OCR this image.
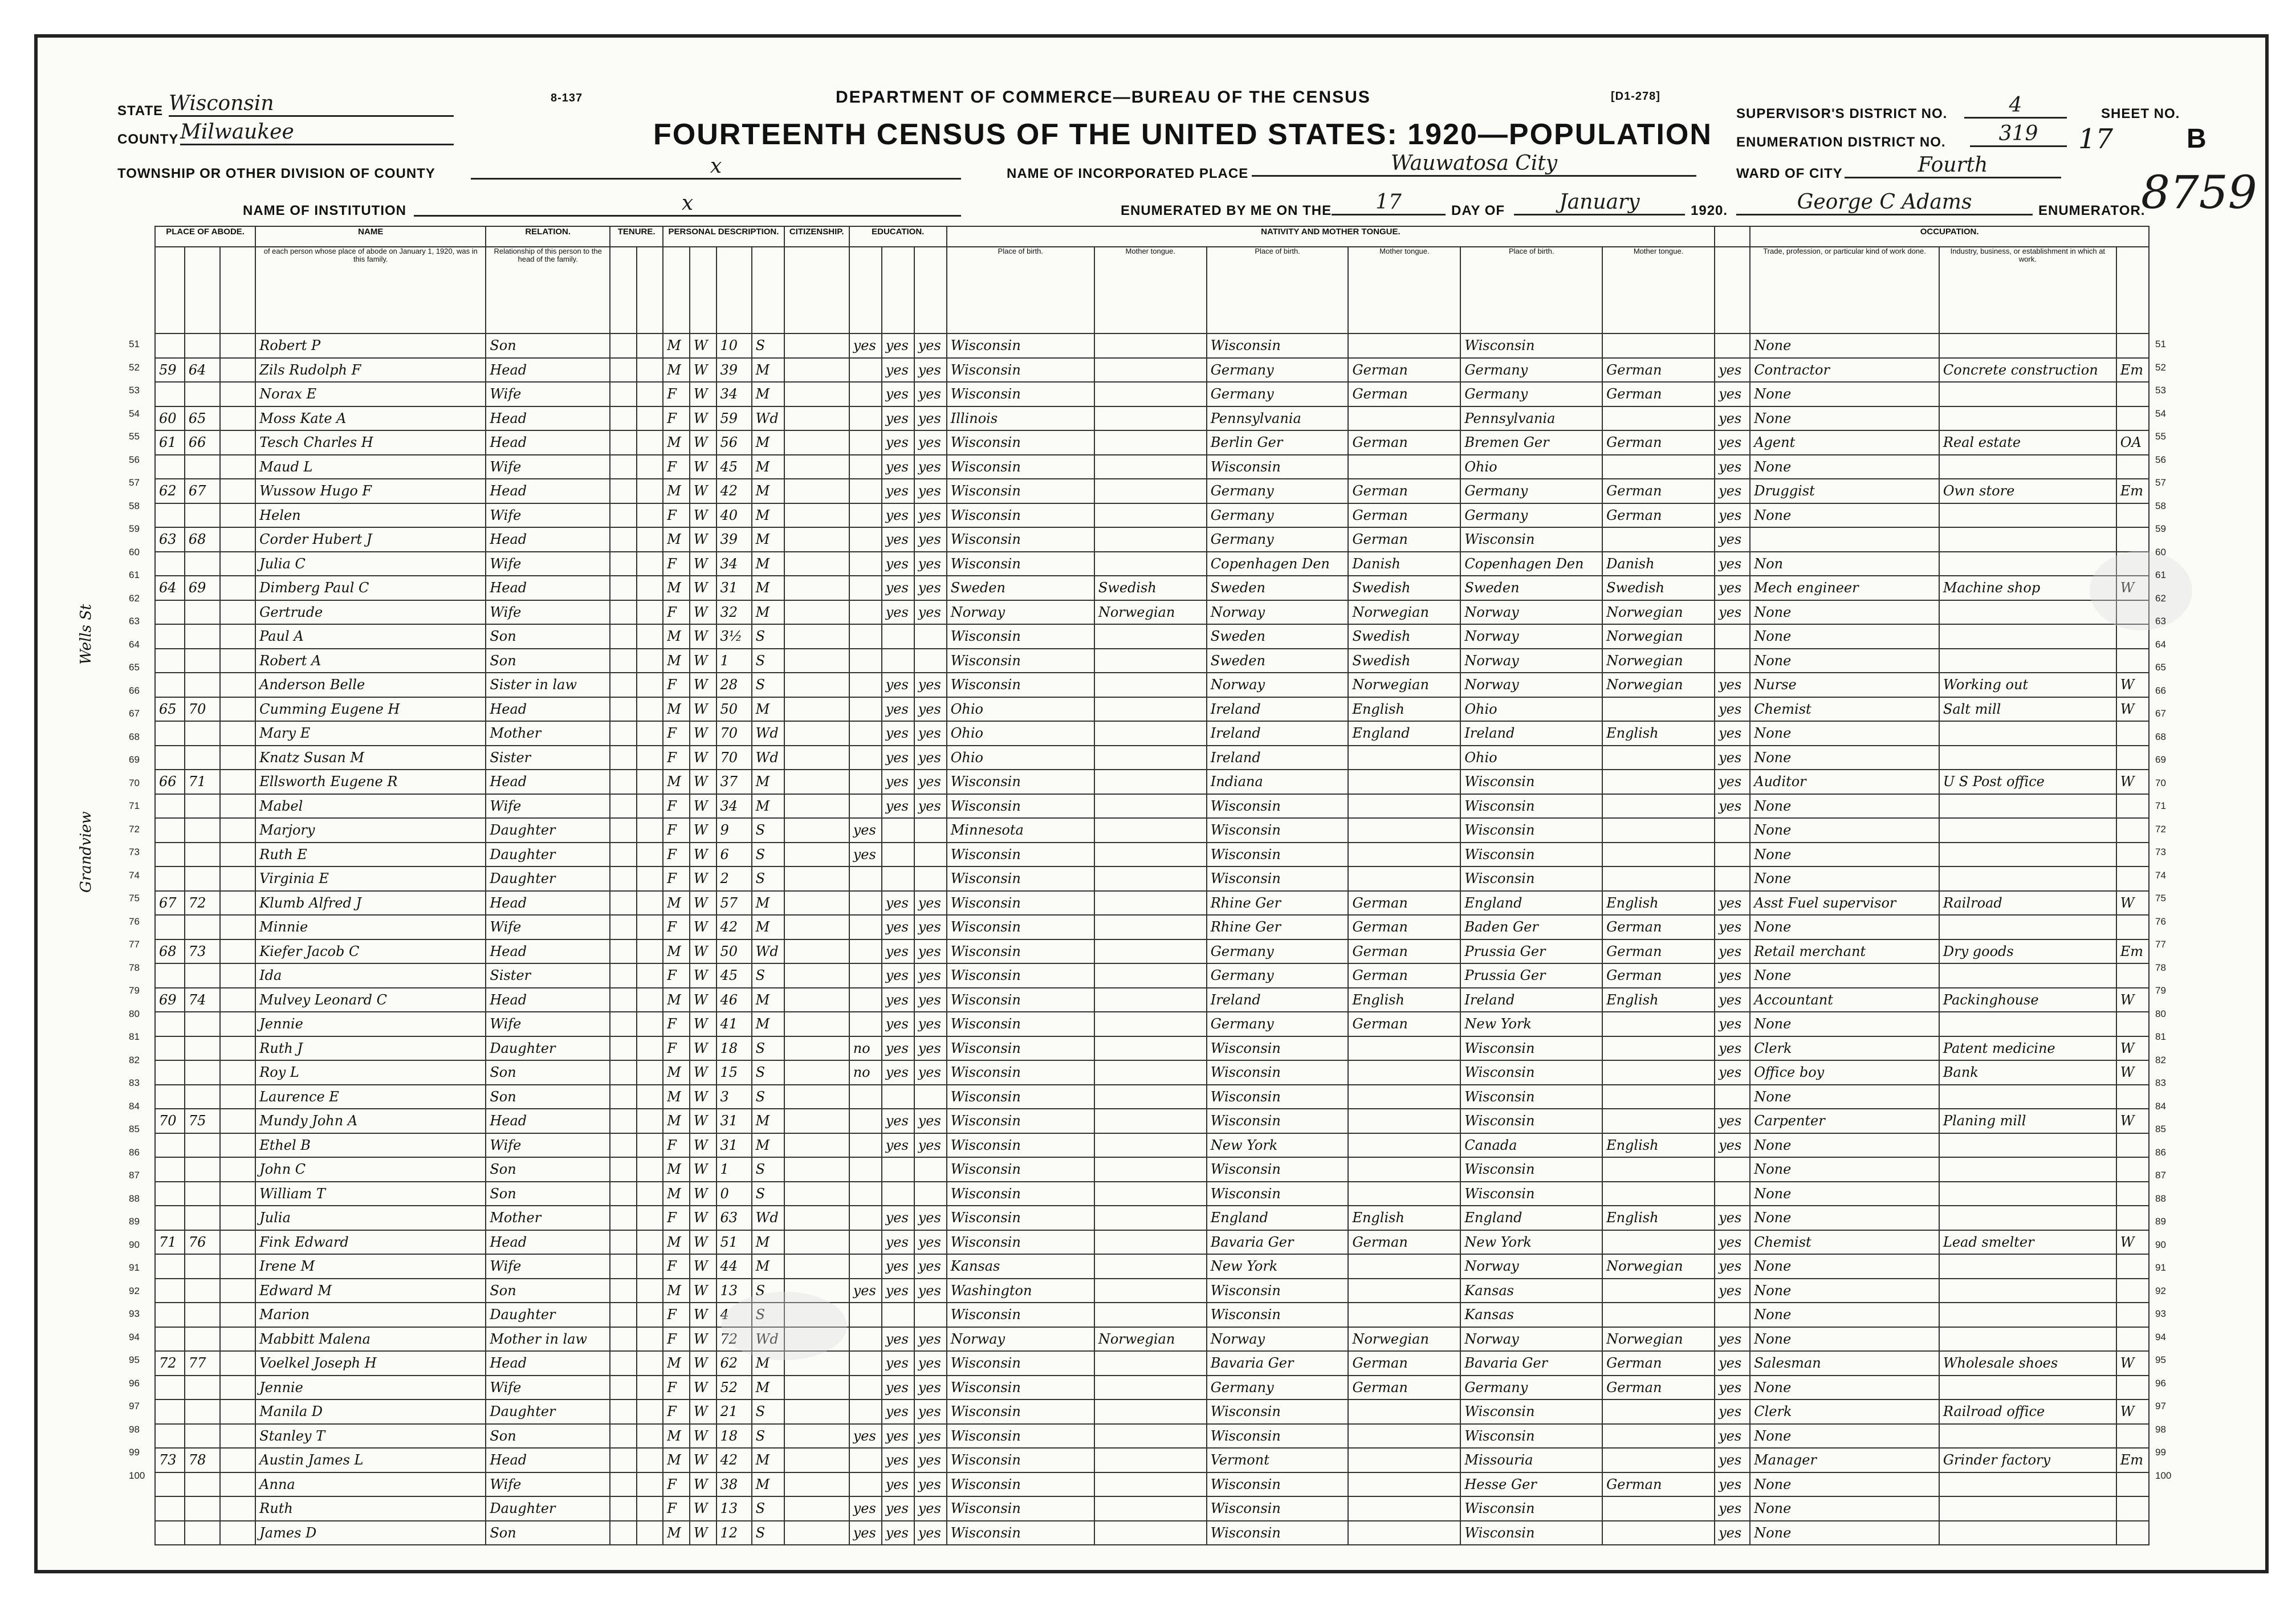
STATE Wisconsin
COUNTY Milwaukee
TOWNSHIP OR OTHER DIVISION OF COUNTY	x
NAME OF INSTITUTION	x
8-137	DEPARTMENT OF COMMERCE—BUREAU OF THE CENSUS	[D1-278]
FOURTEENTH CENSUS OF THE UNITED STATES: 1920—POPULATION
NAME OF INCORPORATED PLACE	Wauwatosa City
ENUMERATED BY ME ON THE	17	DAY OF	January	1920.	George C Adams	ENUMERATOR.
SUPERVISOR'S DISTRICT NO.	4
ENUMERATION DISTRICT NO.	319
WARD OF CITY	Fourth
SHEET NO.
17	B
8759
Wells St
Grandview
PLACE OF ABODE.			NAME	RELATION.	TENURE.		PERSONAL DESCRIPTION.				CITIZENSHIP.	EDUCATION.			NATIVITY AND MOTHER TONGUE.							OCCUPATION.		
			of each person whose place of abode on January 1, 1920, was in this family.	Relationship of this person to the head of the family.											Place of birth.	Mother tongue.	Place of birth.	Mother tongue.	Place of birth.	Mother tongue.		Trade, profession, or particular kind of work done.	Industry, business, or establishment in which at work.	
			Robert P	Son			M	W	10	S		yes	yes	yes	Wisconsin		Wisconsin		Wisconsin			None		
59	64		Zils Rudolph F	Head			M	W	39	M			yes	yes	Wisconsin		Germany	German	Germany	German	yes	Contractor	Concrete construction	Em
			Norax E	Wife			F	W	34	M			yes	yes	Wisconsin		Germany	German	Germany	German	yes	None		
60	65		Moss Kate A	Head			F	W	59	Wd			yes	yes	Illinois		Pennsylvania		Pennsylvania		yes	None		
61	66		Tesch Charles H	Head			M	W	56	M			yes	yes	Wisconsin		Berlin Ger	German	Bremen Ger	German	yes	Agent	Real estate	OA
			Maud L	Wife			F	W	45	M			yes	yes	Wisconsin		Wisconsin		Ohio		yes	None		
62	67		Wussow Hugo F	Head			M	W	42	M			yes	yes	Wisconsin		Germany	German	Germany	German	yes	Druggist	Own store	Em
			Helen	Wife			F	W	40	M			yes	yes	Wisconsin		Germany	German	Germany	German	yes	None		
63	68		Corder Hubert J	Head			M	W	39	M			yes	yes	Wisconsin		Germany	German	Wisconsin		yes			
			Julia C	Wife			F	W	34	M			yes	yes	Wisconsin		Copenhagen Den	Danish	Copenhagen Den	Danish	yes	Non		
64	69		Dimberg Paul C	Head			M	W	31	M			yes	yes	Sweden	Swedish	Sweden	Swedish	Sweden	Swedish	yes	Mech engineer	Machine shop	W
			Gertrude	Wife			F	W	32	M			yes	yes	Norway	Norwegian	Norway	Norwegian	Norway	Norwegian	yes	None		
			Paul A	Son			M	W	3½	S					Wisconsin		Sweden	Swedish	Norway	Norwegian		None		
			Robert A	Son			M	W	1	S					Wisconsin		Sweden	Swedish	Norway	Norwegian		None		
			Anderson Belle	Sister in law			F	W	28	S			yes	yes	Wisconsin		Norway	Norwegian	Norway	Norwegian	yes	Nurse	Working out	W
65	70		Cumming Eugene H	Head			M	W	50	M			yes	yes	Ohio		Ireland	English	Ohio		yes	Chemist	Salt mill	W
			Mary E	Mother			F	W	70	Wd			yes	yes	Ohio		Ireland	England	Ireland	English	yes	None		
			Knatz Susan M	Sister			F	W	70	Wd			yes	yes	Ohio		Ireland		Ohio		yes	None		
66	71		Ellsworth Eugene R	Head			M	W	37	M			yes	yes	Wisconsin		Indiana		Wisconsin		yes	Auditor	U S Post office	W
			Mabel	Wife			F	W	34	M			yes	yes	Wisconsin		Wisconsin		Wisconsin		yes	None		
			Marjory	Daughter			F	W	9	S		yes			Minnesota		Wisconsin		Wisconsin			None		
			Ruth E	Daughter			F	W	6	S		yes			Wisconsin		Wisconsin		Wisconsin			None		
			Virginia E	Daughter			F	W	2	S					Wisconsin		Wisconsin		Wisconsin			None		
67	72		Klumb Alfred J	Head			M	W	57	M			yes	yes	Wisconsin		Rhine Ger	German	England	English	yes	Asst Fuel supervisor	Railroad	W
			Minnie	Wife			F	W	42	M			yes	yes	Wisconsin		Rhine Ger	German	Baden Ger	German	yes	None		
68	73		Kiefer Jacob C	Head			M	W	50	Wd			yes	yes	Wisconsin		Germany	German	Prussia Ger	German	yes	Retail merchant	Dry goods	Em
			Ida	Sister			F	W	45	S			yes	yes	Wisconsin		Germany	German	Prussia Ger	German	yes	None		
69	74		Mulvey Leonard C	Head			M	W	46	M			yes	yes	Wisconsin		Ireland	English	Ireland	English	yes	Accountant	Packinghouse	W
			Jennie	Wife			F	W	41	M			yes	yes	Wisconsin		Germany	German	New York		yes	None		
			Ruth J	Daughter			F	W	18	S		no	yes	yes	Wisconsin		Wisconsin		Wisconsin		yes	Clerk	Patent medicine	W
			Roy L	Son			M	W	15	S		no	yes	yes	Wisconsin		Wisconsin		Wisconsin		yes	Office boy	Bank	W
			Laurence E	Son			M	W	3	S					Wisconsin		Wisconsin		Wisconsin			None		
70	75		Mundy John A	Head			M	W	31	M			yes	yes	Wisconsin		Wisconsin		Wisconsin		yes	Carpenter	Planing mill	W
			Ethel B	Wife			F	W	31	M			yes	yes	Wisconsin		New York		Canada	English	yes	None		
			John C	Son			M	W	1	S					Wisconsin		Wisconsin		Wisconsin			None		
			William T	Son			M	W	0	S					Wisconsin		Wisconsin		Wisconsin			None		
			Julia	Mother			F	W	63	Wd			yes	yes	Wisconsin		England	English	England	English	yes	None		
71	76		Fink Edward	Head			M	W	51	M			yes	yes	Wisconsin		Bavaria Ger	German	New York		yes	Chemist	Lead smelter	W
			Irene M	Wife			F	W	44	M			yes	yes	Kansas		New York		Norway	Norwegian	yes	None		
			Edward M	Son			M	W	13	S		yes	yes	yes	Washington		Wisconsin		Kansas		yes	None		
			Marion	Daughter			F	W	4	S					Wisconsin		Wisconsin		Kansas			None		
			Mabbitt Malena	Mother in law			F	W	72	Wd			yes	yes	Norway	Norwegian	Norway	Norwegian	Norway	Norwegian	yes	None		
72	77		Voelkel Joseph H	Head			M	W	62	M			yes	yes	Wisconsin		Bavaria Ger	German	Bavaria Ger	German	yes	Salesman	Wholesale shoes	W
			Jennie	Wife			F	W	52	M			yes	yes	Wisconsin		Germany	German	Germany	German	yes	None		
			Manila D	Daughter			F	W	21	S			yes	yes	Wisconsin		Wisconsin		Wisconsin		yes	Clerk	Railroad office	W
			Stanley T	Son			M	W	18	S		yes	yes	yes	Wisconsin		Wisconsin		Wisconsin		yes	None		
73	78		Austin James L	Head			M	W	42	M			yes	yes	Wisconsin		Vermont		Missouria		yes	Manager	Grinder factory	Em
			Anna	Wife			F	W	38	M			yes	yes	Wisconsin		Wisconsin		Hesse Ger	German	yes	None		
			Ruth	Daughter			F	W	13	S		yes	yes	yes	Wisconsin		Wisconsin		Wisconsin		yes	None		
			James D	Son			M	W	12	S		yes	yes	yes	Wisconsin		Wisconsin		Wisconsin		yes	None		
51	51
52	52
53	53
54	54
55	55
56	56
57	57
58	58
59	59
60	60
61	61
62	62
63	63
64	64
65	65
66	66
67	67
68	68
69	69
70	70
71	71
72	72
73	73
74	74
75	75
76	76
77	77
78	78
79	79
80	80
81	81
82	82
83	83
84	84
85	85
86	86
87	87
88	88
89	89
90	90
91	91
92	92
93	93
94	94
95	95
96	96
97	97
98	98
99	99
100	100
